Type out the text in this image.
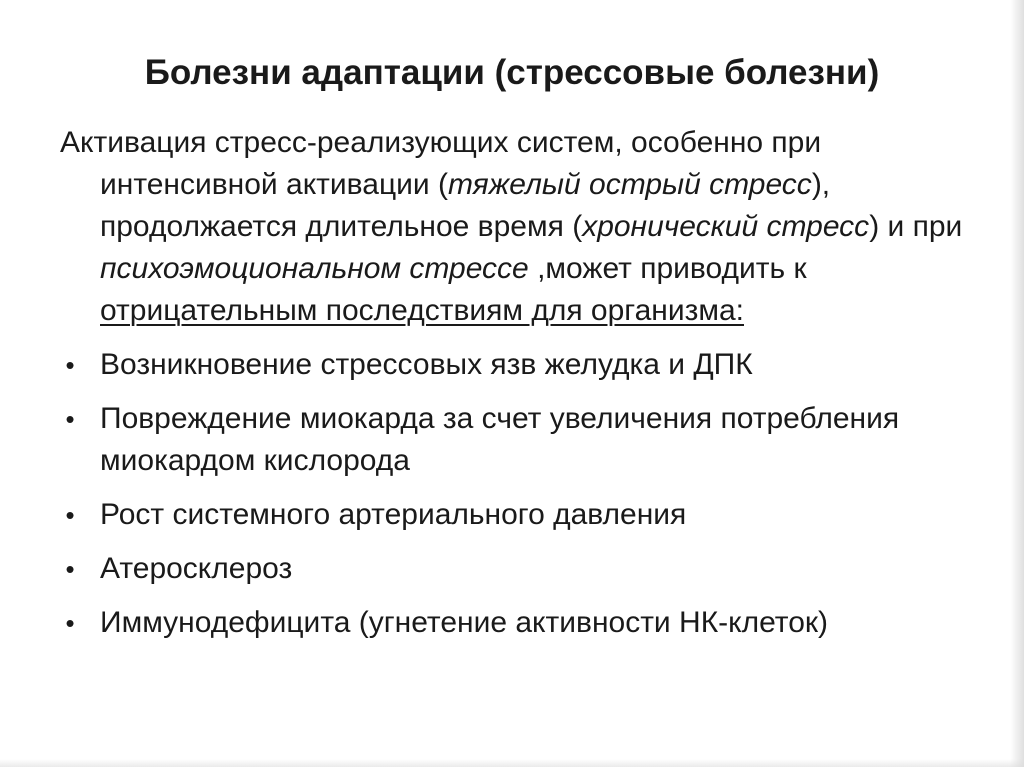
Болезни адаптации (стрессовые болезни)

Активация стресс-реализующих систем, особенно при интенсивной активации (тяжелый острый стресс), продолжается длительное время (хронический стресс) и при психоэмоциональном стрессе ,может приводить к отрицательным последствиям для организма:

• Возникновение стрессовых язв желудка и ДПК
• Повреждение миокарда за счет увеличения потребления миокардом кислорода
• Рост системного артериального давления
• Атеросклероз
• Иммунодефицита (угнетение активности НК-клеток)
